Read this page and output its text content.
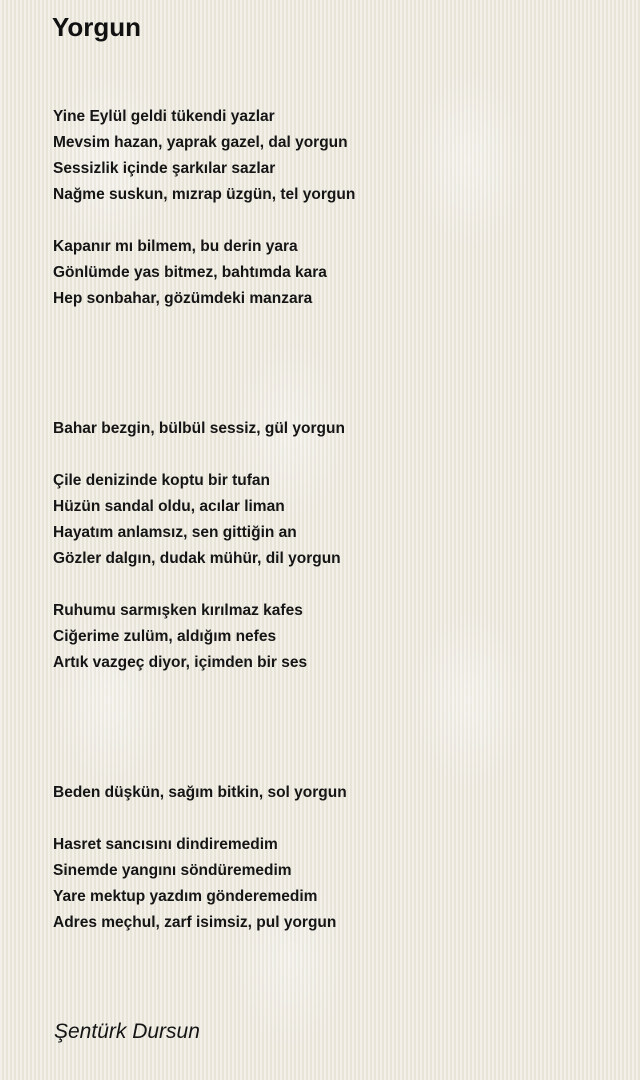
Yorgun
Yine Eylül geldi tükendi yazlar
Mevsim hazan, yaprak gazel, dal yorgun
Sessizlik içinde şarkılar sazlar
Nağme suskun, mızrap üzgün, tel yorgun
Kapanır mı bilmem, bu derin yara
Gönlümde yas bitmez, bahtımda kara
Hep sonbahar, gözümdeki manzara
Bahar bezgin, bülbül sessiz, gül yorgun
Çile denizinde koptu bir tufan
Hüzün sandal oldu, acılar liman
Hayatım anlamsız, sen gittiğin an
Gözler dalgın, dudak mühür, dil yorgun
Ruhumu sarmışken kırılmaz kafes
Ciğerime zulüm, aldığım nefes
Artık vazgeç diyor, içimden bir ses
Beden düşkün, sağım bitkin, sol yorgun
Hasret sancısını dindiremedim
Sinemde yangını söndüremedim
Yare mektup yazdım gönderemedim
Adres meçhul, zarf isimsiz, pul yorgun
Şentürk Dursun
